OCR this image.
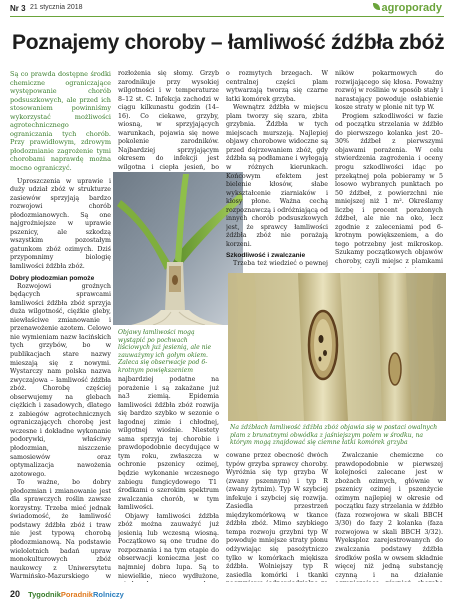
Nr 3 21 stycznia 2018	agroporady
Poznajemy choroby – łamliwość źdźbła zbóż

Są co prawda dostępne środki chemiczne ograniczające występowanie chorób podsuszkowych, ale przed ich stosowaniem powinniśmy wykorzystać możliwości agrotechnicznego ograniczania tych chorób. Przy prawidłowym, zdrowym płodozmianie zagrożenie tymi chorobami naprawdę można mocno ograniczyć.

Uproszczenia w uprawie i duży udział zbóż w strukturze zasiewów sprzyjają bardzo rozwojowi chorób płodozmianowych. Są one najgroźniejsze w uprawie pszenicy, ale szkodzą wszystkim pozostałym gatunkom zbóż ozimych. Dziś przypomnimy biologię łamliwości źdźbła zbóż.

Dobry płodozmian pomoże

Rozwojowi groźnych będących sprawcami łamliwości źdźbła zbóż sprzyja duża wilgotność, ciężkie gleby, niewłaściwe zmianowanie i przenawożenie azotem. Celowo nie wymieniam nazw łacińskich tych grzybów, bo w publikacjach stare nazwy mieszają się z nowymi. Wystarczy nam polska nazwa zwyczajowa – łamliwość źdźbła zbóż. Chorobę częściej obserwujemy na glebach ciężkich i zasadowych, dlatego z zabiegów agrotechnicznych ograniczających chorobę jest wczesne i dokładne wykonanie podorywki, właściwy płodozmian, niszczenie samosiewów oraz optymalizacja nawożenia azotowego.

To ważne, bo dobry płodozmian i zmianowanie jest dla sprawczych roślin zawsze korzystny. Trzeba mieć jednak świadomość, że łamliwość podstawy źdźbła zbóż i traw nie jest typową chorobą płodozmianową. Na podstawie wieloletnich badań upraw monokulturowych zbóż naukowcy z Uniwersytetu Warmińsko-Mazurskiego w

rozłożenia się słomy. Grzyb zarodnikuje przy wysokiej wilgotności i w temperaturze 8–12 st. C. Infekcja zachodzi w ciągu kilkunastu godzin (14–16). Co ciekawe, grzyby, wiosną, w sprzyjających warunkach, pojawia się nowe pokolenie zarodników. Najbardziej sprzyjającym okresem do infekcji jest wilgotna i ciepła jesień, bo

Objawy łamliwości mogą wystąpić po pochwach liściowych już jesienią, ale nie zauważymy ich gołym okiem. Zaleca się obserwacje pod 6-krotnym powiększeniem

najbardziej podatne na porażenie i są zakażane już na3 ziemią. Epidemia łamliwości źdźbła zbóż rozwija się bardzo szybko w sezonie o łagodnej zimie i chłodnej, wilgotnej wiośnie. Niestety sama sprzyja tej chorobie i prawdopodobnie decydujące w tym roku, zwłaszcza w ochronie pszenicy ozimej, będzie wykonanie wczesnego zabiegu fungicydowego T1 ​​środkami o szerokim spektrum zwalczania chorób, w tym łamliwości.

Objawy łamliwości źdźbła zbóż można zauważyć już jesienią lub wczesną wiosną. Początkowo są one trudne do rozpoznania i na tym etapie do obserwacji konieczna jest co najmniej dobra lupa. Są to niewielkie, nieco wydłużone,

o rozmytych brzegach. W centralnej części plam wytwarzają tworzą się czarne łatki komórek grzyba.

Wewnątrz źdźbła w miejscu plam tworzy się szara, zbita grzybnia. Źdźbła w tych miejscach murszeją. Najlepiej objawy chorobowe widoczne są przed dojrzewaniem zbóż, gdy źdźbła są podłamane i wyłegają w różnych kierunkach. Końcowym efektem jest bielenie kłosów, słabe wykształcenie ziarniaków i kłosy płone. Ważna cechą rozpoznawczą i odróżniającą od innych chorób podsuszkowych jest, że sprawcy łamliwości źdźbła zbóż nie porażają korzeni.

Szkodliwość i zwalczanie

Trzeba też wiedzieć o pewnej

ników pokarmowych do rozwijającego się kłosa. Poważny rozwój w roślinie w sposób stały i narastający powoduje osłabienie kosze straty w plonie nit typ W.

Progiem szkodliwości w fazie od początku strzelania w źdźbło do pierwszego kolanka jest 20–30% źdźbeł z pierwszymi objawami porażenia. W celu stwierdzenia zagrożenia i oceny progu szkodliwości idąc po przekątnej pola pobieramy w 5 losowo wybranych punktach po 50 źdźbeł, z powierzchni nie mniejszej niż 1 m². Określamy liczbę i procent porażonych źdźbeł, ale nie na oko, lecz zgodnie z zaleceniami pod 6-krotnym powiększeniem, a do tego potrzebny jest mikroskop. Szukamy początkowych objawów choroby, czyli miejsc z plamkami

Na źdźbłach łamliwość źdźbła zbóż objawia się w postaci owalnych plam z brunatnymi obwódka z jaśniejszym polem w środku, na którym mogą znajdować się ciemne łatki komórek grzyba

cowane przez obecność dwóch typów grzyba sprawcy choroby. Wyróżnia się typ grzyba W (zwany pszennym) i typ R (zwany żytnim). Typ W szybciej infekuje i szybciej się rozwija. Zasiedla przestrzeń międzykomórkową w tkance źdźbła zbóż. Mimo szybkiego tempa rozwoju grzybni typ W powoduje mniejsze straty plonu odżywiając się pasożytniczo tylko w komórkach miękisza źdźbła. Wolniejszy typ R zasiedla komórki i tkanki

Zwalczanie chemiczne co prawdopodobnie w pierwszej kolejności zalecane jest w zbożach ozimych, głównie w pszenicy ozimej i pszenżycie ozimym najlepiej w okresie od początku fazy strzelania w źdźbło (faza rozwojowa w skali BBCH 3/30) do fazy 2 kolanka (faza rozwojowa w skali BBCH 3/32). Wyeksploz zarejestrowanych do zwalczania podstawy źdźbła środków pośla w owsem składnie więcej niż jedną substancję czynną i na działanie

20 TygodnikPoradnikRolniczy
